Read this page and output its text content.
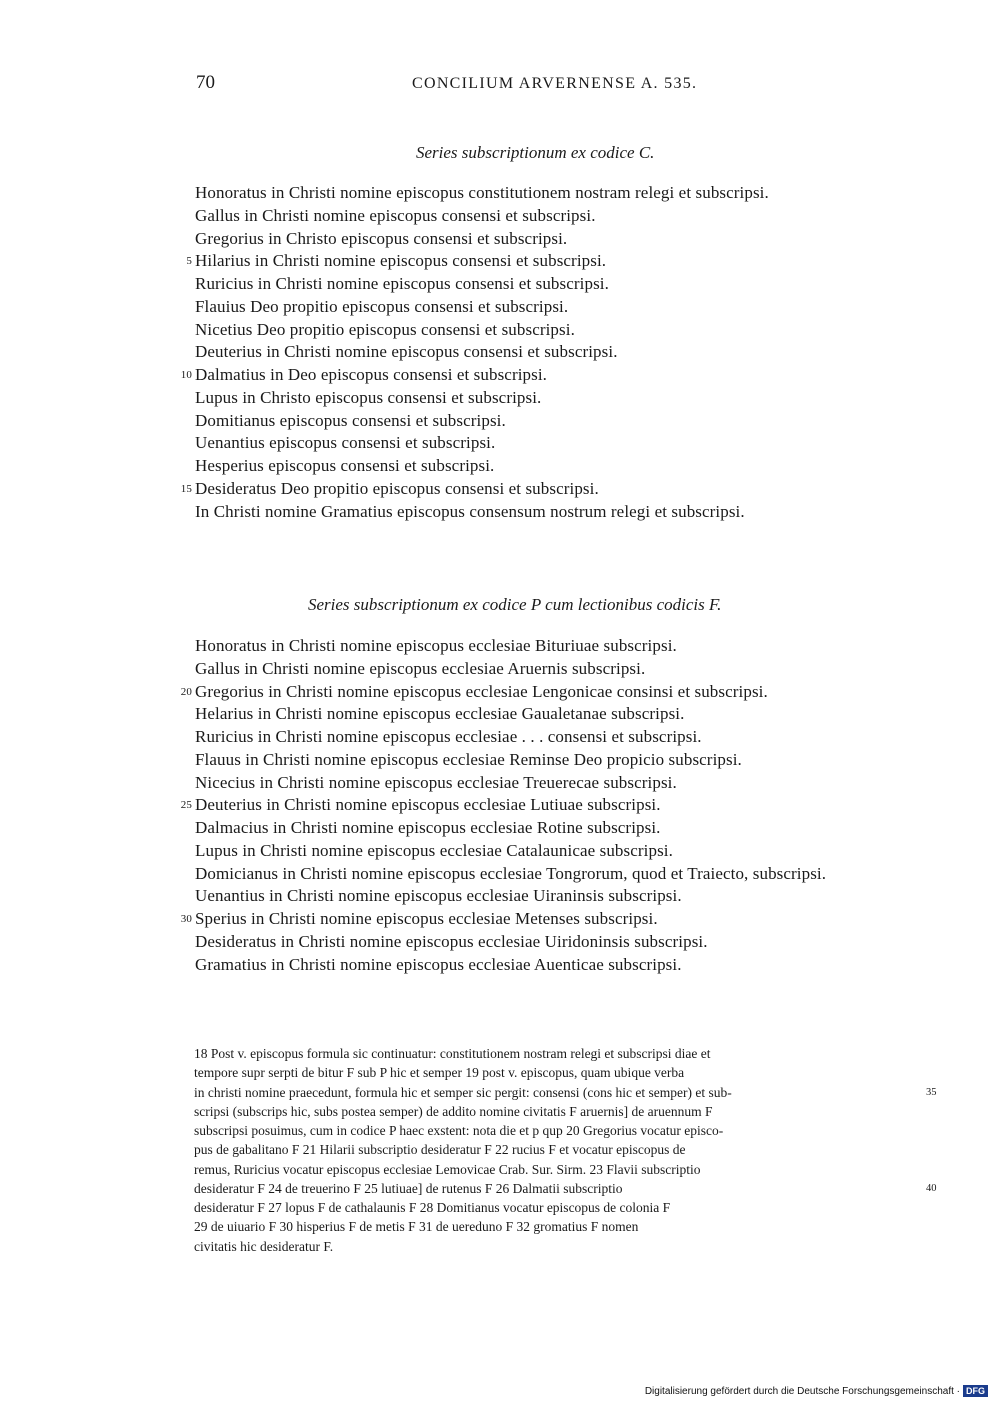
70	CONCILIUM ARVERNENSE A. 535.
Series subscriptionum ex codice C.
Honoratus in Christi nomine episcopus constitutionem nostram relegi et subscripsi.
Gallus in Christi nomine episcopus consensi et subscripsi.
Gregorius in Christo episcopus consensi et subscripsi.
5 Hilarius in Christi nomine episcopus consensi et subscripsi.
Ruricius in Christi nomine episcopus consensi et subscripsi.
Flauius Deo propitio episcopus consensi et subscripsi.
Nicetius Deo propitio episcopus consensi et subscripsi.
Deuterius in Christi nomine episcopus consensi et subscripsi.
10 Dalmatius in Deo episcopus consensi et subscripsi.
Lupus in Christo episcopus consensi et subscripsi.
Domitianus episcopus consensi et subscripsi.
Uenantius episcopus consensi et subscripsi.
Hesperius episcopus consensi et subscripsi.
15 Desideratus Deo propitio episcopus consensi et subscripsi.
In Christi nomine Gramatius episcopus consensum nostrum relegi et subscripsi.
Series subscriptionum ex codice P cum lectionibus codicis F.
Honoratus in Christi nomine episcopus ecclesiae Bituriuae subscripsi.
Gallus in Christi nomine episcopus ecclesiae Aruernis subscripsi.
20 Gregorius in Christi nomine episcopus ecclesiae Lengonicae consinsi et subscripsi.
Helarius in Christi nomine episcopus ecclesiae Gaualetanae subscripsi.
Ruricius in Christi nomine episcopus ecclesiae . . . consensi et subscripsi.
Flauus in Christi nomine episcopus ecclesiae Reminse Deo propicio subscripsi.
Nicecius in Christi nomine episcopus ecclesiae Treuerecae subscripsi.
25 Deuterius in Christi nomine episcopus ecclesiae Lutiuae subscripsi.
Dalmacius in Christi nomine episcopus ecclesiae Rotine subscripsi.
Lupus in Christi nomine episcopus ecclesiae Catalaunicae subscripsi.
Domicianus in Christi nomine episcopus ecclesiae Tongrorum, quod et Traiecto, subscripsi.
Uenantius in Christi nomine episcopus ecclesiae Uiraninsis subscripsi.
30 Sperius in Christi nomine episcopus ecclesiae Metenses subscripsi.
Desideratus in Christi nomine episcopus ecclesiae Uiridoninsis subscripsi.
Gramatius in Christi nomine episcopus ecclesiae Auenticae subscripsi.
18 Post v. episcopus formula sic continuatur: constitutionem nostram relegi et subscripsi diae et
tempore supr serpti de bitur F sub P hic et semper 19 post v. episcopus, quam ubique verba
in christi nomine praecedunt, formula hic et semper sic pergit: consensi (cons hic et semper) et sub-	35
scripsi (subscrips hic, subs postea semper) de addito nomine civitatis F aruernis] de aruennum F
subscripsi posuimus, cum in codice P haec exstent: nota die et p qup 20 Gregorius vocatur episco-
pus de gabalitano F 21 Hilarii subscriptio desideratur F 22 rucius F et vocatur episcopus de
remus, Ruricius vocatur episcopus ecclesiae Lemovicae Crab. Sur. Sirm. 23 Flavii subscriptio
desideratur F 24 de treuerino F 25 lutiuae] de rutenus F 26 Dalmatii subscriptio	40
desideratur F 27 lopus F de cathalaunis F 28 Domitianus vocatur episcopus de colonia F
29 de uiuario F 30 hisperius F de metis F 31 de uereduno F 32 gromatius F nomen
civitatis hic desideratur F.
Digitalisierung gefördert durch die Deutsche Forschungsgemeinschaft · DFG
